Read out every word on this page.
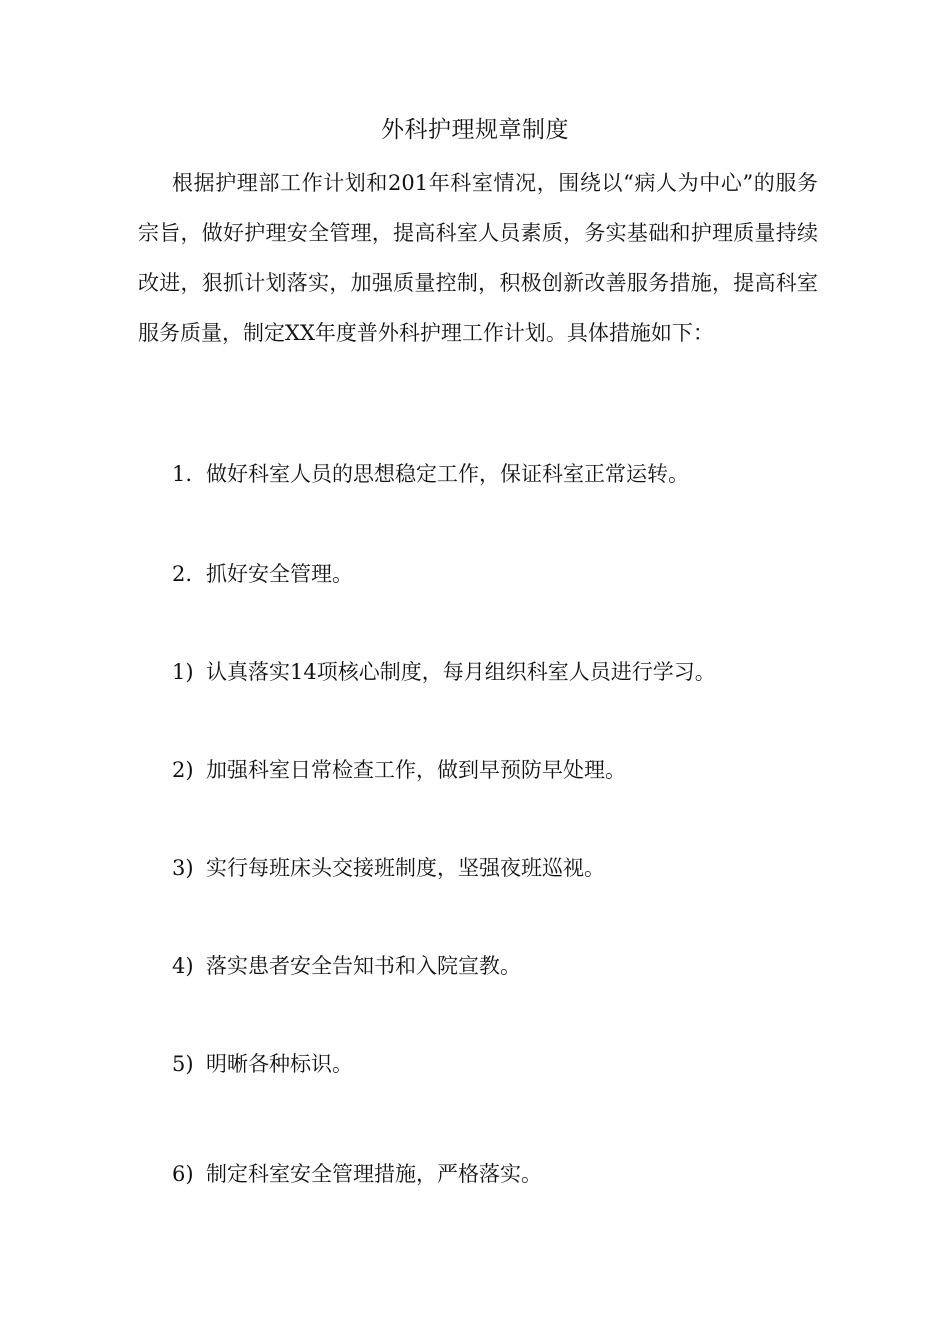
外科护理规章制度

根据护理部工作计划和201年科室情况，围绕以“病人为中心”的服务宗旨，做好护理安全管理，提高科室人员素质，务实基础和护理质量持续改进，狠抓计划落实，加强质量控制，积极创新改善服务措施，提高科室服务质量，制定XX年度普外科护理工作计划。具体措施如下：

1. 做好科室人员的思想稳定工作，保证科室正常运转。
2. 抓好安全管理。
1) 认真落实14项核心制度，每月组织科室人员进行学习。
2) 加强科室日常检查工作，做到早预防早处理。
3) 实行每班床头交接班制度，坚强夜班巡视。
4) 落实患者安全告知书和入院宣教。
5) 明晰各种标识。
6) 制定科室安全管理措施，严格落实。
